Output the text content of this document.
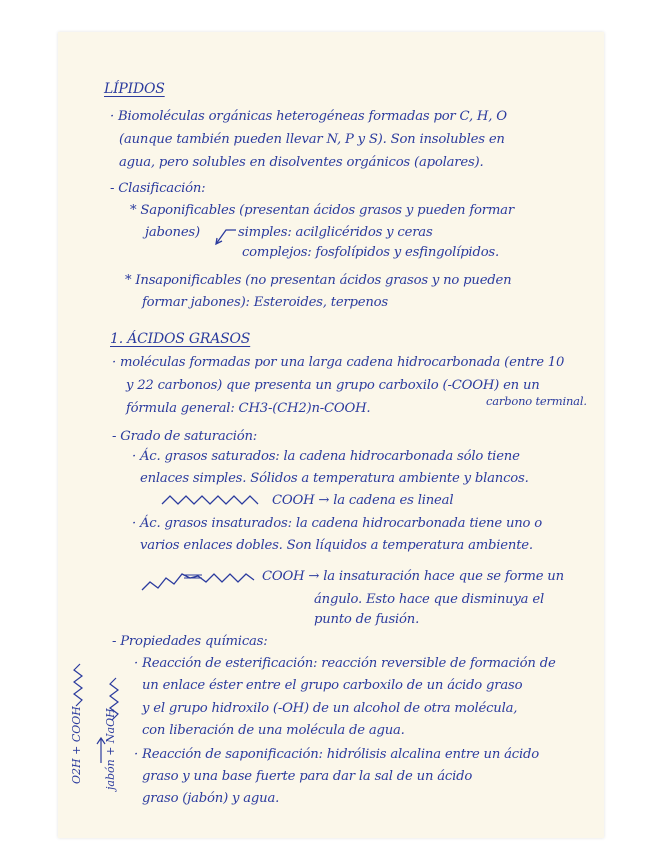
LÍPIDOS
· Biomoléculas orgánicas heterogéneas formadas por C, H, O
(aunque también pueden llevar N, P y S). Son insolubles en
agua, pero solubles en disolventes orgánicos (apolares).
- Clasificación:
* Saponificables (presentan ácidos grasos y pueden formar
jabones)	simples: acilglicéridos y ceras
complejos: fosfolípidos y esfingolípidos.
* Insaponificables (no presentan ácidos grasos y no pueden
formar jabones): Esteroides, terpenos
1. ÁCIDOS GRASOS
· moléculas formadas por una larga cadena hidrocarbonada (entre 10
y 22 carbonos) que presenta un grupo carboxilo (-COOH) en un
carbono terminal.
fórmula general: CH3-(CH2)n-COOH.
- Grado de saturación:
· Ác. grasos saturados: la cadena hidrocarbonada sólo tiene
enlaces simples. Sólidos a temperatura ambiente y blancos.
COOH → la cadena es lineal
· Ác. grasos insaturados: la cadena hidrocarbonada tiene uno o
varios enlaces dobles. Son líquidos a temperatura ambiente.
COOH → la insaturación hace que se forme un
ángulo. Esto hace que disminuya el
punto de fusión.
- Propiedades químicas:
· Reacción de esterificación: reacción reversible de formación de
un enlace éster entre el grupo carboxilo de un ácido graso
y el grupo hidroxilo (-OH) de un alcohol de otra molécula,
con liberación de una molécula de agua.
· Reacción de saponificación: hidrólisis alcalina entre un ácido
graso y una base fuerte para dar la sal de un ácido
graso (jabón) y agua.
O2H + COOH jabón + NaOH
